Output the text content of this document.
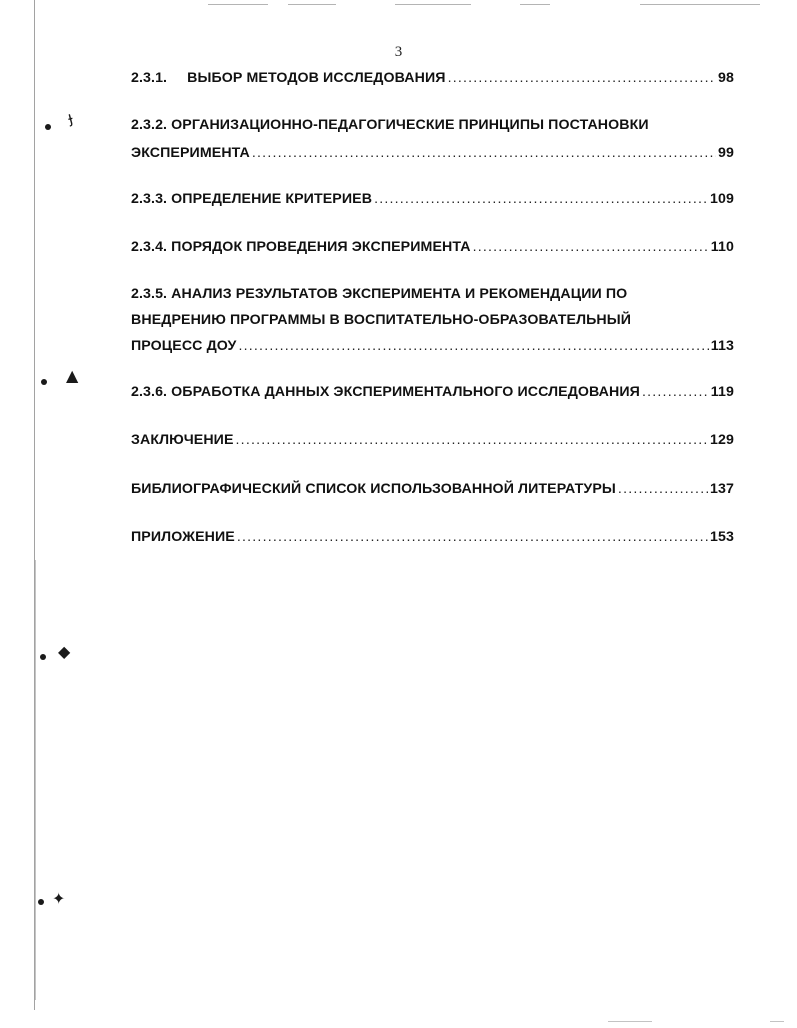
ɟ
▲
◆
✦
3
2.3.1. ВЫБОР МЕТОДОВ ИССЛЕДОВАНИЯ .....	98
2.3.2. ОРГАНИЗАЦИОННО-ПЕДАГОГИЧЕСКИЕ ПРИНЦИПЫ ПОСТАНОВКИ
ЭКСПЕРИМЕНТА .....	99
2.3.3. ОПРЕДЕЛЕНИЕ КРИТЕРИЕВ .....	109
2.3.4. ПОРЯДОК ПРОВЕДЕНИЯ ЭКСПЕРИМЕНТА .....	110
2.3.5. АНАЛИЗ РЕЗУЛЬТАТОВ ЭКСПЕРИМЕНТА И РЕКОМЕНДАЦИИ ПО
ВНЕДРЕНИЮ ПРОГРАММЫ В ВОСПИТАТЕЛЬНО-ОБРАЗОВАТЕЛЬНЫЙ
ПРОЦЕСС ДОУ .....	113
2.3.6. ОБРАБОТКА ДАННЫХ ЭКСПЕРИМЕНТАЛЬНОГО ИССЛЕДОВАНИЯ .....	119
ЗАКЛЮЧЕНИЕ .....	129
БИБЛИОГРАФИЧЕСКИЙ СПИСОК ИСПОЛЬЗОВАННОЙ ЛИТЕРАТУРЫ .....	137
ПРИЛОЖЕНИЕ .....	153
